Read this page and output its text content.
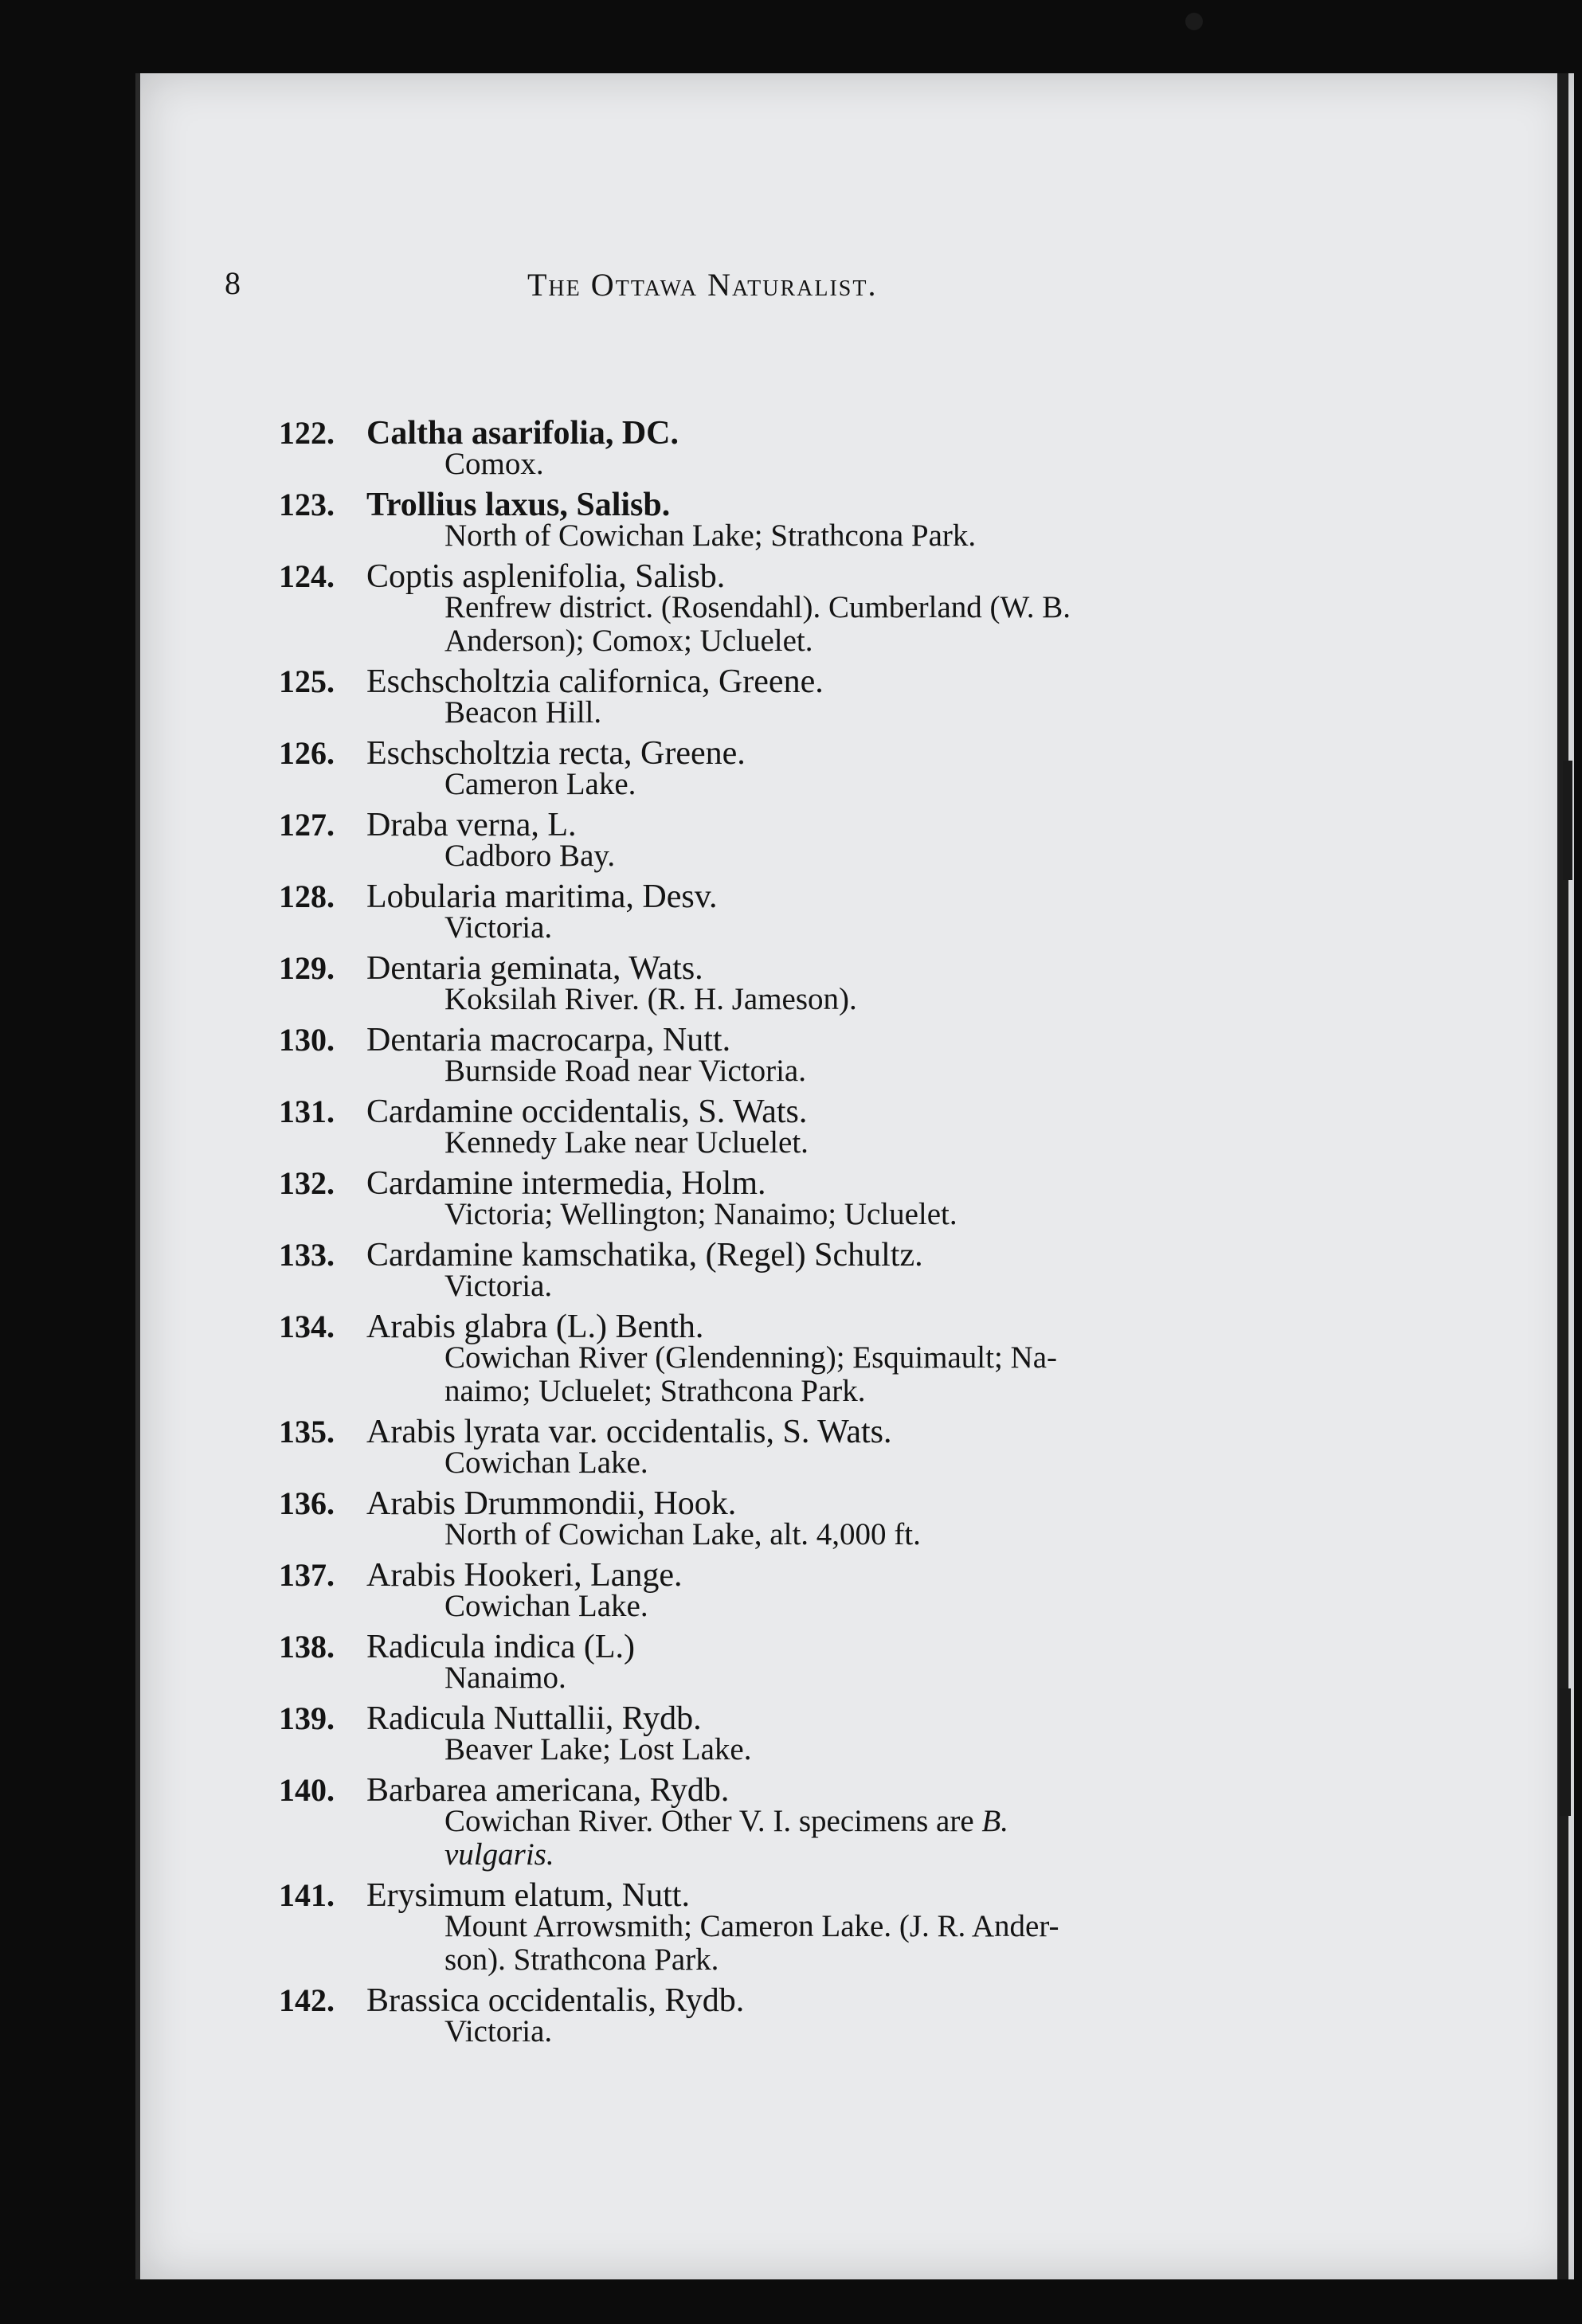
8	The Ottawa Naturalist.
122. Caltha asarifolia, DC.
Comox.
123. Trollius laxus, Salisb.
North of Cowichan Lake; Strathcona Park.
124. Coptis asplenifolia, Salisb.
Renfrew district. (Rosendahl). Cumberland (W. B.
Anderson); Comox; Ucluelet.
125. Eschscholtzia californica, Greene.
Beacon Hill.
126. Eschscholtzia recta, Greene.
Cameron Lake.
127. Draba verna, L.
Cadboro Bay.
128. Lobularia maritima, Desv.
Victoria.
129. Dentaria geminata, Wats.
Koksilah River. (R. H. Jameson).
130. Dentaria macrocarpa, Nutt.
Burnside Road near Victoria.
131. Cardamine occidentalis, S. Wats.
Kennedy Lake near Ucluelet.
132. Cardamine intermedia, Holm.
Victoria; Wellington; Nanaimo; Ucluelet.
133. Cardamine kamschatika, (Regel) Schultz.
Victoria.
134. Arabis glabra (L.) Benth.
Cowichan River (Glendenning); Esquimault; Na-
naimo; Ucluelet; Strathcona Park.
135. Arabis lyrata var. occidentalis, S. Wats.
Cowichan Lake.
136. Arabis Drummondii, Hook.
North of Cowichan Lake, alt. 4,000 ft.
137. Arabis Hookeri, Lange.
Cowichan Lake.
138. Radicula indica (L.)
Nanaimo.
139. Radicula Nuttallii, Rydb.
Beaver Lake; Lost Lake.
140. Barbarea americana, Rydb.
Cowichan River. Other V. I. specimens are B.
vulgaris.
141. Erysimum elatum, Nutt.
Mount Arrowsmith; Cameron Lake. (J. R. Ander-
son). Strathcona Park.
142. Brassica occidentalis, Rydb.
Victoria.
